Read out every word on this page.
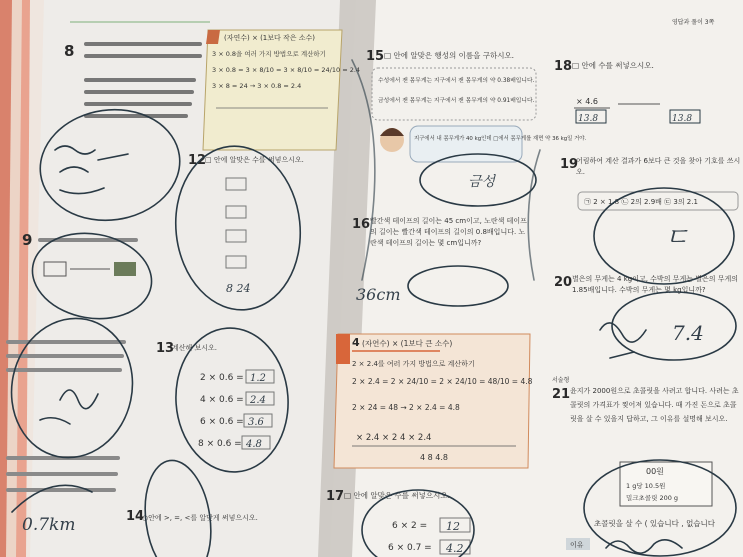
8
9
(자연수) × (1보다 작은 소수)
3 × 0.8을 여러 가지 방법으로 계산하기
3 × 0.8 = 3 × 8/10 = 3 × 8/10 = 24/10 = 2.4
3 × 8 = 24 → 3 × 0.8 = 2.4
12
□ 안에 알맞은 수를 써넣으시오.
8 24
13
계산해 보시오.
2 × 0.6 = 1.2
4 × 0.6 = 2.4
6 × 0.6 = 3.6
8 × 0.6 = 4.8
0.7km	14
○안에 >, =, <를 알맞게 써넣으시오.
영답과 풀이 3쪽
15 □ 안에 알맞은 행성의 이름을 구하시오.
수성에서 잰 몸무게는 지구에서 잰 몸무게의 약 0.38배입니다.
금성에서 잰 몸무게는 지구에서 잰 몸무게의 약 0.91배입니다.
지구에서 내 몸무게가 40 kg인데 □에서 몸무게를 재면 약 36 kg일 거야.
금성
16 빨간색 테이프의 길이는 45 cm이고, 노란색 테이프의 길이는 빨간색 테이프의 길이의 0.8배입니다. 노란색 테이프의 길이는 몇 cm입니까?
36cm
4 (자연수) × (1보다 큰 소수)
2 × 2.4를 여러 가지 방법으로 계산하기
2 × 2.4 = 2 × 24/10 = 2 × 24/10 = 48/10 = 4.8
2 × 24 = 48 → 2 × 2.4 = 4.8
× 2.4 × 2 4 × 2.4
4 8 4.8
17 □ 안에 알맞은 수를 써넣으시오.
6 × 2 = 12
6 × 0.7 = 4.2
18 □ 안에 수를 써넣으시오.
× 4.6
13.8	13.8
19
어림하여 계산 결과가 6보다 큰 것을 찾아 기호를 쓰시오.
㉠ 2 × 1.8 ㉡ 2의 2.9배 ㉢ 3의 2.1
ㄷ
20 별은의 무게는 4 kg이고, 수박의 무게는 별은의 무게의 1.85배입니다. 수박의 무게는 몇 kg입니까?
7.4
서술형
21 윤지가 2000원으로 초콜릿을 사려고 합니다. 사려는 초콜릿의 가격표가 찢어져 있습니다. 때 가진 돈으로 초콜릿을 살 수 있을지 답하고, 그 이유를 설명해 보시오.
00원
1 g당 10.5원
밀크초콜릿 200 g
초콜릿을 살 수 ( 있습니다 , 없습니다
이유
